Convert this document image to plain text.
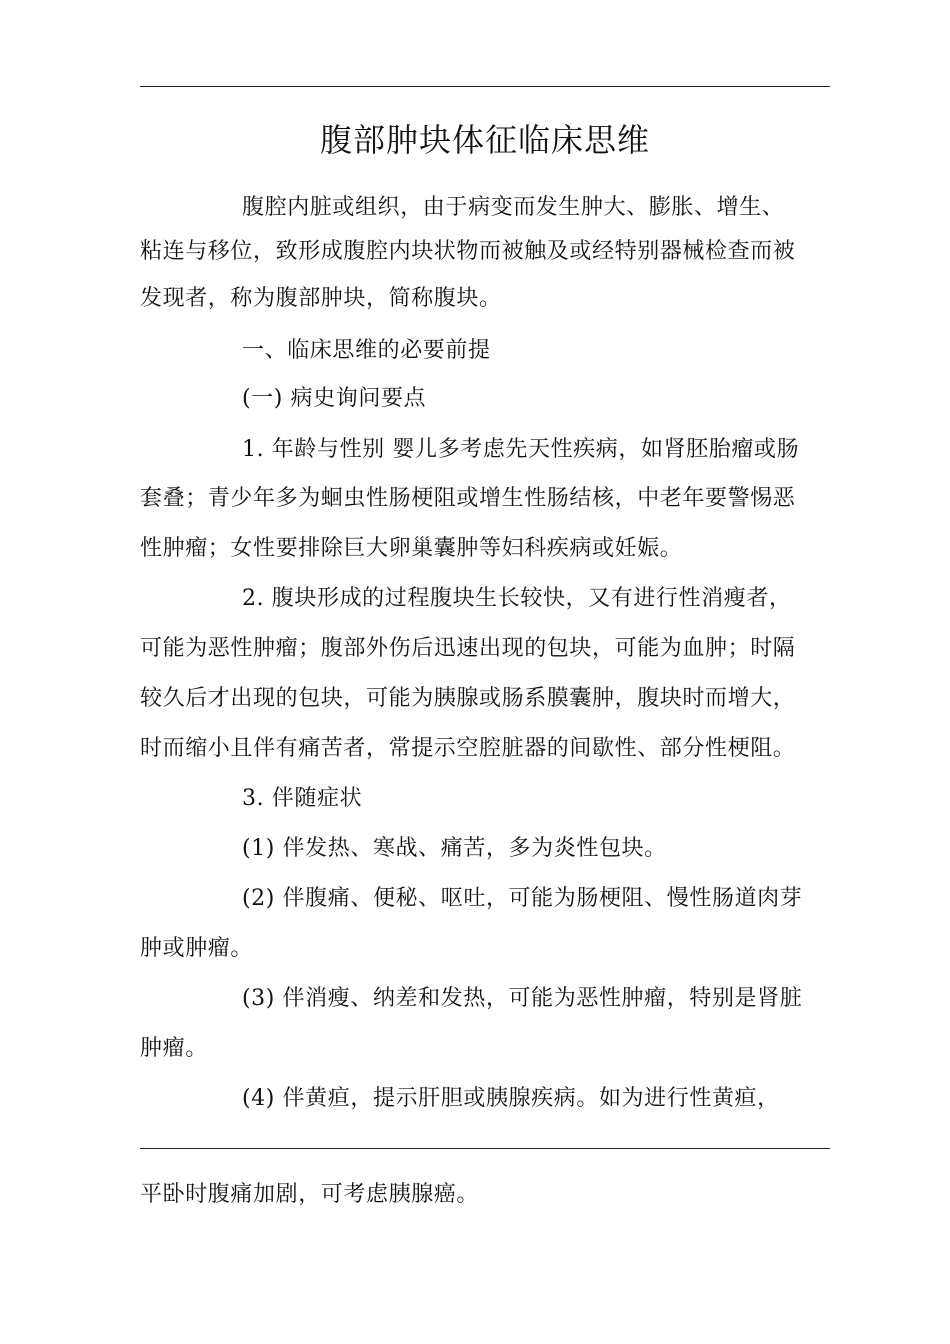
腹部肿块体征临床思维
腹腔内脏或组织，由于病变而发生肿大、膨胀、增生、
粘连与移位，致形成腹腔内块状物而被触及或经特别器械检查而被
发现者，称为腹部肿块，简称腹块。
一、临床思维的必要前提
(一) 病史询问要点
1. 年龄与性别 婴儿多考虑先天性疾病，如肾胚胎瘤或肠
套叠；青少年多为蛔虫性肠梗阻或增生性肠结核，中老年要警惕恶
性肿瘤；女性要排除巨大卵巢囊肿等妇科疾病或妊娠。
2. 腹块形成的过程腹块生长较快，又有进行性消瘦者，
可能为恶性肿瘤；腹部外伤后迅速出现的包块，可能为血肿；时隔
较久后才出现的包块，可能为胰腺或肠系膜囊肿，腹块时而增大，
时而缩小且伴有痛苦者，常提示空腔脏器的间歇性、部分性梗阻。
3. 伴随症状
(1) 伴发热、寒战、痛苦，多为炎性包块。
(2) 伴腹痛、便秘、呕吐，可能为肠梗阻、慢性肠道肉芽
肿或肿瘤。
(3) 伴消瘦、纳差和发热，可能为恶性肿瘤，特别是肾脏
肿瘤。
(4) 伴黄疸，提示肝胆或胰腺疾病。如为进行性黄疸，
平卧时腹痛加剧，可考虑胰腺癌。
